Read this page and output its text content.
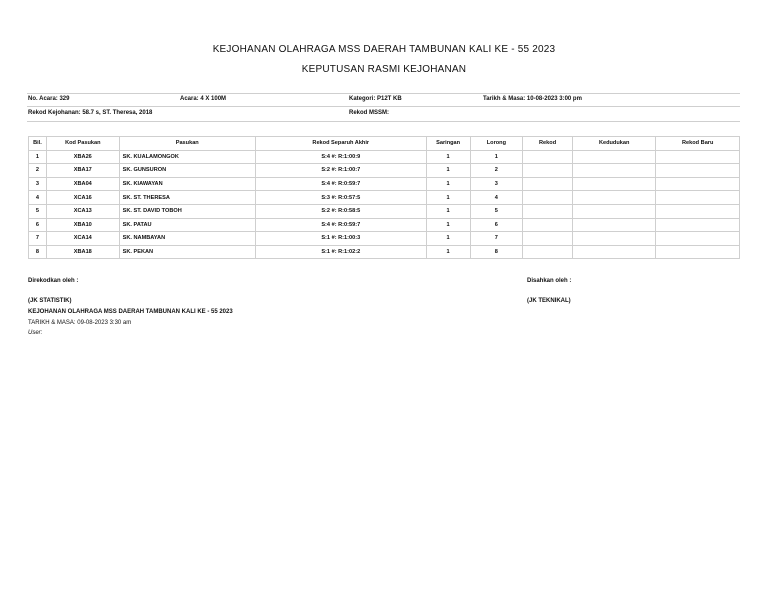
KEJOHANAN OLAHRAGA MSS DAERAH TAMBUNAN KALI KE - 55 2023
KEPUTUSAN RASMI KEJOHANAN
No. Acara: 329	Acara: 4 X 100M	Kategori: P12T KB	Tarikh & Masa: 10-08-2023 3:00 pm
Rekod Kejohanan: 58.7 s, ST. Theresa, 2018	Rekod MSSM:
Bil.	Kod Pasukan	Pasukan	Rekod Separuh Akhir	Saringan	Lorong	Rekod	Kedudukan	Rekod Baru
1	XBA26	SK. KUALAMONGOK	S:4 #: R:1:00:9	1	1			
2	XBA17	SK. GUNSURON	S:2 #: R:1:00:7	1	2			
3	XBA04	SK. KIAWAYAN	S:4 #: R:0:59:7	1	3			
4	XCA16	SK. ST. THERESA	S:3 #: R:0:57:5	1	4			
5	XCA13	SK. ST. DAVID TOBOH	S:2 #: R:0:58:5	1	5			
6	XBA10	SK. PATAU	S:4 #: R:0:59:7	1	6			
7	XCA14	SK. NAMBAYAN	S:1 #: R:1:00:3	1	7			
8	XBA18	SK. PEKAN	S:1 #: R:1:02:2	1	8			
Direkodkan oleh :	Disahkan oleh :
(JK STATISTIK)	(JK TEKNIKAL)
KEJOHANAN OLAHRAGA MSS DAERAH TAMBUNAN KALI KE - 55 2023
TARIKH & MASA: 09-08-2023 3:30 am
User:
